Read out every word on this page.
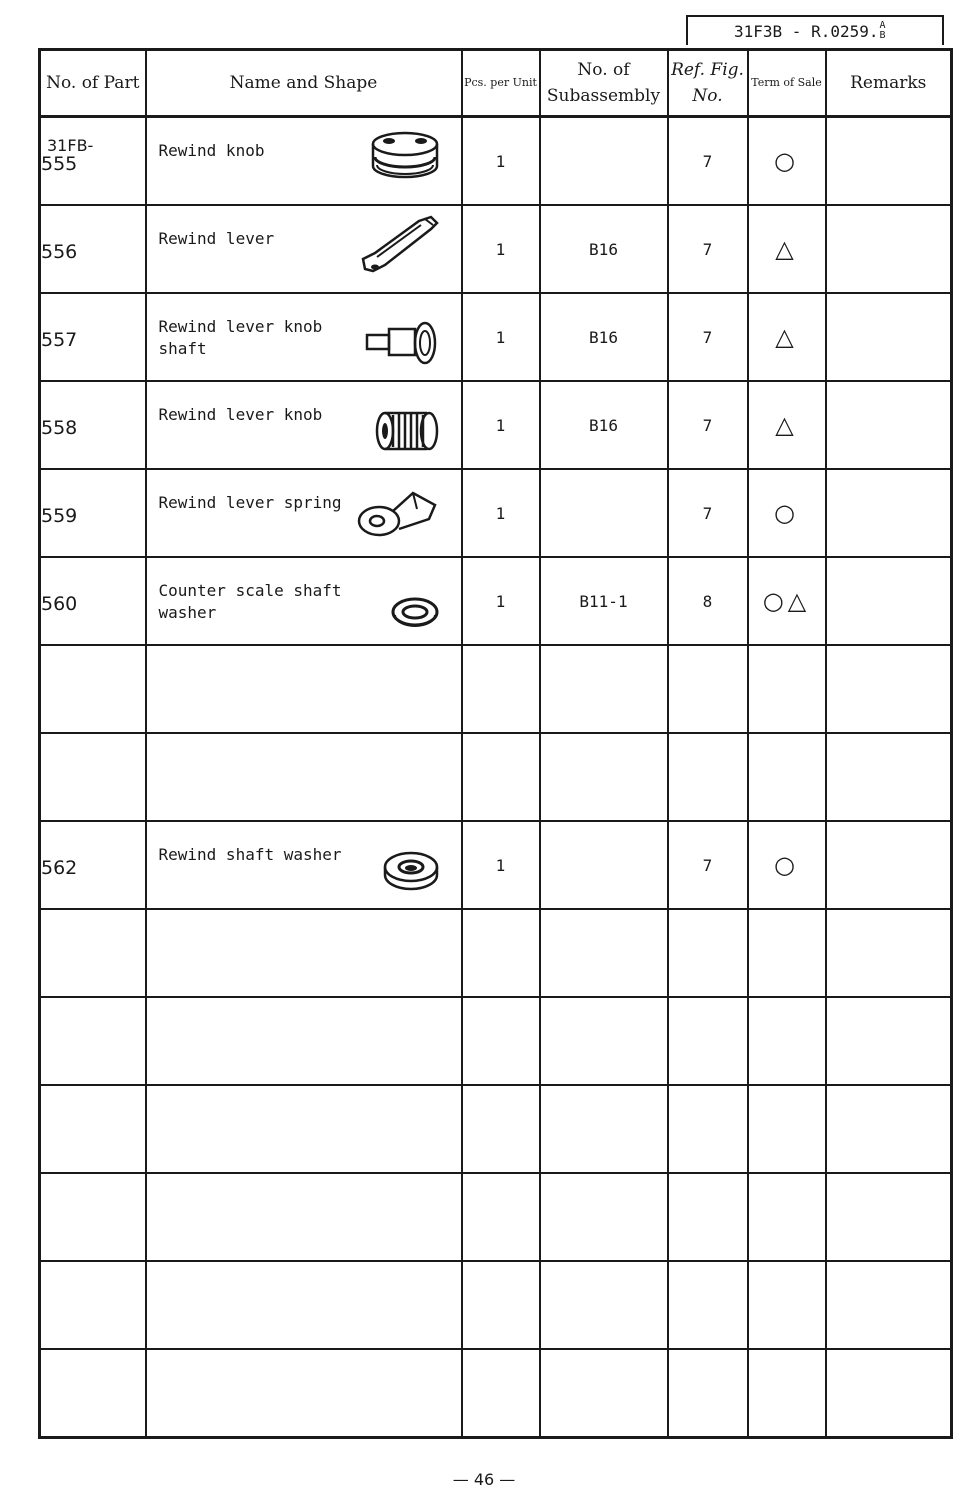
31F3B - R.0259. A
B
No. of Part	Name and Shape	Pcs. per Unit	No. of Subassembly	Ref. Fig. No.	Term of Sale	Remarks

31FB-
555	Rewind knob	1		7	○	

556	Rewind lever	1	B16	7	△	

557	Rewind lever knob
shaft	1	B16	7	△	

558	Rewind lever knob	1	B16	7	△	

559	Rewind lever spring	1		7	○	

560	Counter scale shaft
washer	1	B11-1	8	○△	

562	Rewind shaft washer	1		7	○	

— 46 —
